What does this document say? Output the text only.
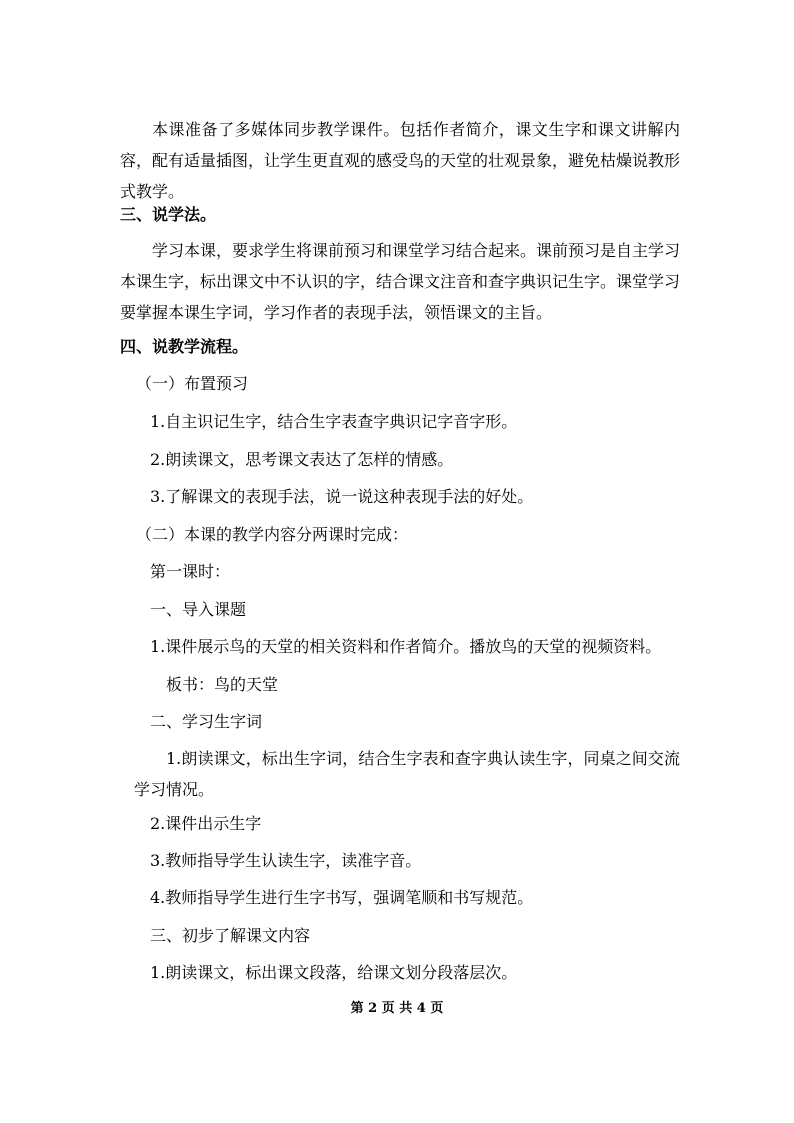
本课准备了多媒体同步教学课件。包括作者简介，课文生字和课文讲解内容，配有适量插图，让学生更直观的感受鸟的天堂的壮观景象，避免枯燥说教形式教学。
三、说学法。
学习本课，要求学生将课前预习和课堂学习结合起来。课前预习是自主学习本课生字，标出课文中不认识的字，结合课文注音和查字典识记生字。课堂学习要掌握本课生字词，学习作者的表现手法，领悟课文的主旨。
四、说教学流程。
（一）布置预习
1.自主识记生字，结合生字表查字典识记字音字形。
2.朗读课文，思考课文表达了怎样的情感。
3.了解课文的表现手法，说一说这种表现手法的好处。
（二）本课的教学内容分两课时完成：
第一课时：
一、导入课题
1.课件展示鸟的天堂的相关资料和作者简介。播放鸟的天堂的视频资料。
板书：鸟的天堂
二、学习生字词
1.朗读课文，标出生字词，结合生字表和查字典认读生字，同桌之间交流学习情况。
2.课件出示生字
3.教师指导学生认读生字，读准字音。
4.教师指导学生进行生字书写，强调笔顺和书写规范。
三、初步了解课文内容
1.朗读课文，标出课文段落，给课文划分段落层次。
第 2 页 共 4 页
